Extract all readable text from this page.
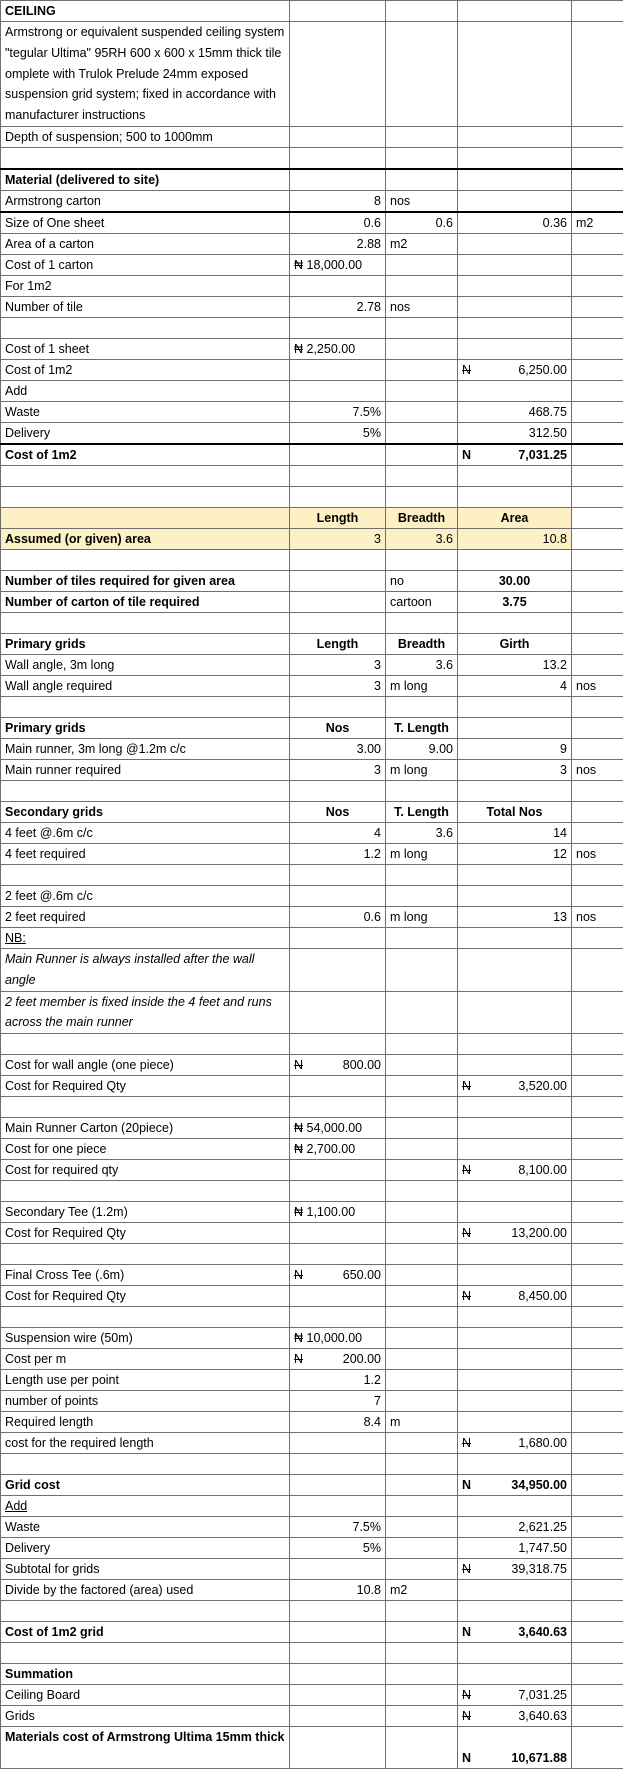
CEILING				
Armstrong or equivalent suspended ceiling system "tegular Ultima" 95RH 600 x 600 x 15mm thick tile omplete with Trulok Prelude 24mm exposed suspension grid system; fixed in accordance with manufacturer instructions				
Depth of suspension; 500 to 1000mm				

Material (delivered to site)				
Armstrong carton	8	nos		
Size of One sheet	0.6	0.6	0.36	m2
Area of a carton	2.88	m2		
Cost of 1 carton	₦ 18,000.00			
For 1m2				
Number of tile	2.78	nos		

Cost of 1 sheet	₦ 2,250.00			
Cost of 1m2			N 6,250.00	

Add				
Waste	7.5%		468.75	
Delivery	5%		312.50	
Cost of 1m2			N 7,031.25	

	Length	Breadth	Area	
Assumed (or given) area	3	3.6	10.8	

Number of tiles required for given area		no	30.00	
Number of carton of tile required		cartoon	3.75	

Primary grids	Length	Breadth	Girth	
Wall angle, 3m long	3	3.6	13.2	
Wall angle required	3	m long	4	nos

Primary grids	Nos	T. Length		
Main runner, 3m long @1.2m c/c	3.00	9.00	9	
Main runner required	3	m long	3	nos

Secondary grids	Nos	T. Length	Total Nos	
4 feet @.6m c/c	4	3.6	14	
4 feet required	1.2	m long	12	nos

2 feet @.6m c/c				
2 feet required	0.6	m long	13	nos
NB:				
Main Runner is always installed after the wall angle				
2 feet member is fixed inside the 4 feet and runs across the main runner				

Cost for wall angle (one piece)	N 800.00			

Cost for Required Qty			N 3,520.00	

Main Runner Carton (20piece)	₦ 54,000.00			
Cost for one piece	₦ 2,700.00			
Cost for required qty			N 8,100.00	

Secondary Tee (1.2m)	₦ 1,100.00			
Cost for Required Qty			N 13,200.00	

Final Cross Tee (.6m)	N 650.00			

Cost for Required Qty			N 8,450.00	

Suspension wire (50m)	₦ 10,000.00			
Cost per m	N 200.00			

Length use per point	1.2			
number of points	7			
Required length	8.4	m		
cost for the required length			N 1,680.00	

Grid cost			N 34,950.00	

Add				
Waste	7.5%		2,621.25	
Delivery	5%		1,747.50	
Subtotal for grids			N 39,318.75	

Divide by the factored (area) used	10.8	m2		

Cost of 1m2 grid			N 3,640.63	

Summation				
Ceiling Board			N 7,031.25	

Grids			N 3,640.63	

Materials cost of Armstrong Ultima 15mm thick			N 10,671.88	
